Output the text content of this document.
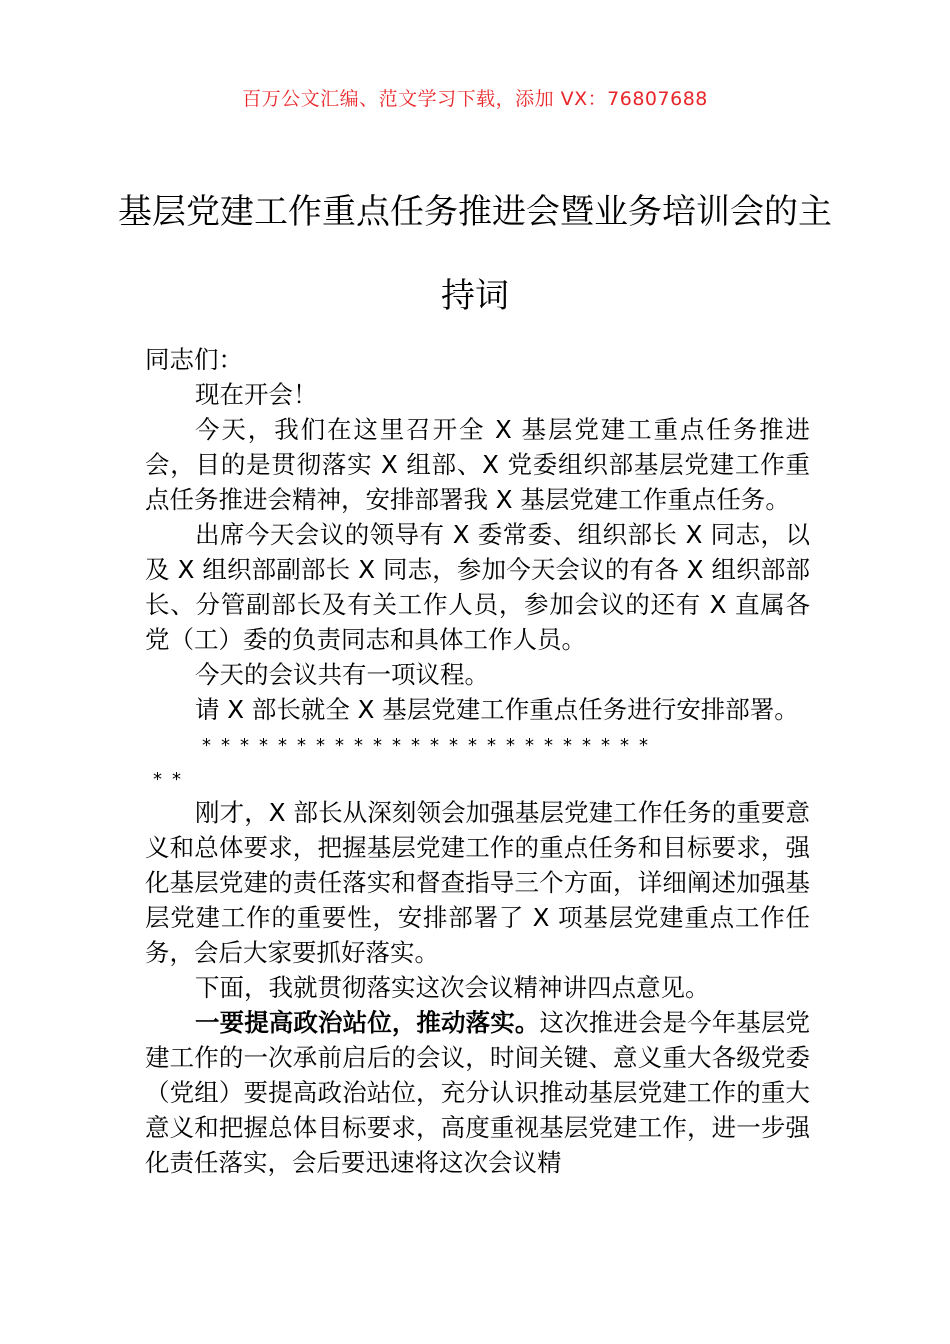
百万公文汇编、范文学习下载，添加 VX：76807688
基层党建工作重点任务推进会暨业务培训会的主持词

同志们：

现在开会！

今天，我们在这里召开全 X 基层党建工重点任务推进会，目的是贯彻落实 X 组部、X 党委组织部基层党建工作重点任务推进会精神，安排部署我 X 基层党建工作重点任务。

出席今天会议的领导有 X 委常委、组织部长 X 同志，以及 X 组织部副部长 X 同志，参加今天会议的有各 X 组织部部长、分管副部长及有关工作人员，参加会议的还有 X 直属各党（工）委的负责同志和具体工作人员。

今天的会议共有一项议程。

请 X 部长就全 X 基层党建工作重点任务进行安排部署。

************************

**

刚才，X 部长从深刻领会加强基层党建工作任务的重要意义和总体要求，把握基层党建工作的重点任务和目标要求，强化基层党建的责任落实和督查指导三个方面，详细阐述加强基层党建工作的重要性，安排部署了 X 项基层党建重点工作任务，会后大家要抓好落实。

下面，我就贯彻落实这次会议精神讲四点意见。

一要提高政治站位，推动落实。这次推进会是今年基层党建工作的一次承前启后的会议，时间关键、意义重大各级党委（党组）要提高政治站位，充分认识推动基层党建工作的重大意义和把握总体目标要求，高度重视基层党建工作，进一步强化责任落实，会后要迅速将这次会议精
